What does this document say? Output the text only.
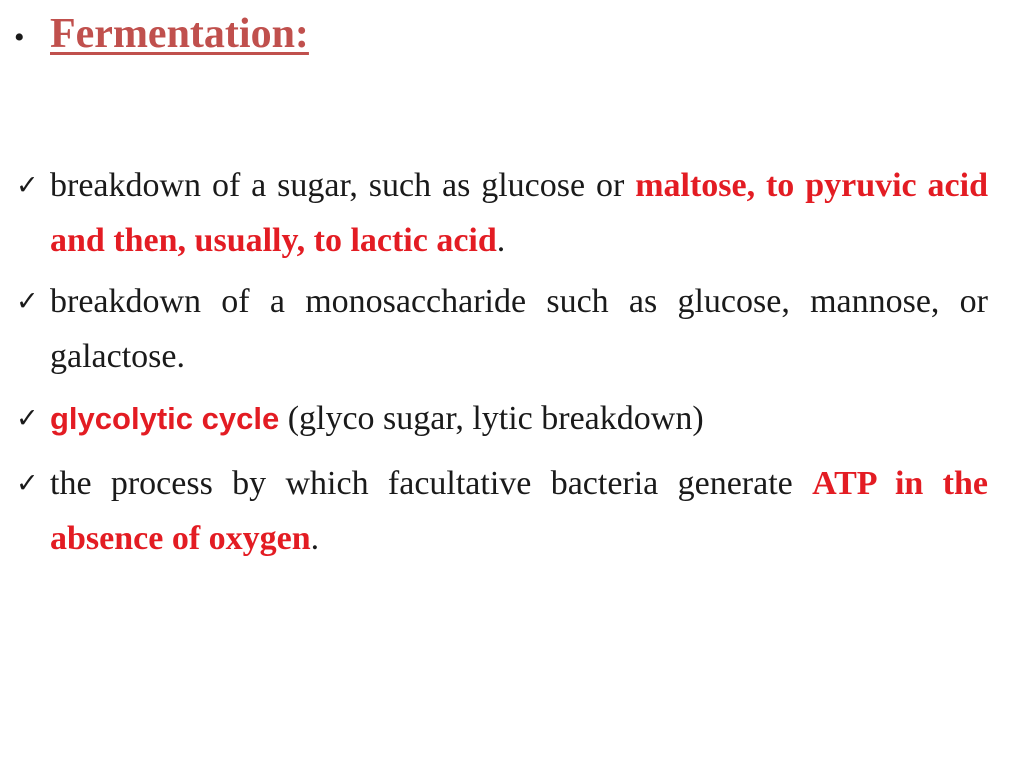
• Fermentation:
✓ breakdown of a sugar, such as glucose or maltose, to pyruvic acid and then, usually, to lactic acid.
✓ breakdown of a monosaccharide such as glucose, mannose, or galactose.
✓ glycolytic cycle (glyco sugar, lytic breakdown)
✓ the process by which facultative bacteria generate ATP in the absence of oxygen.
